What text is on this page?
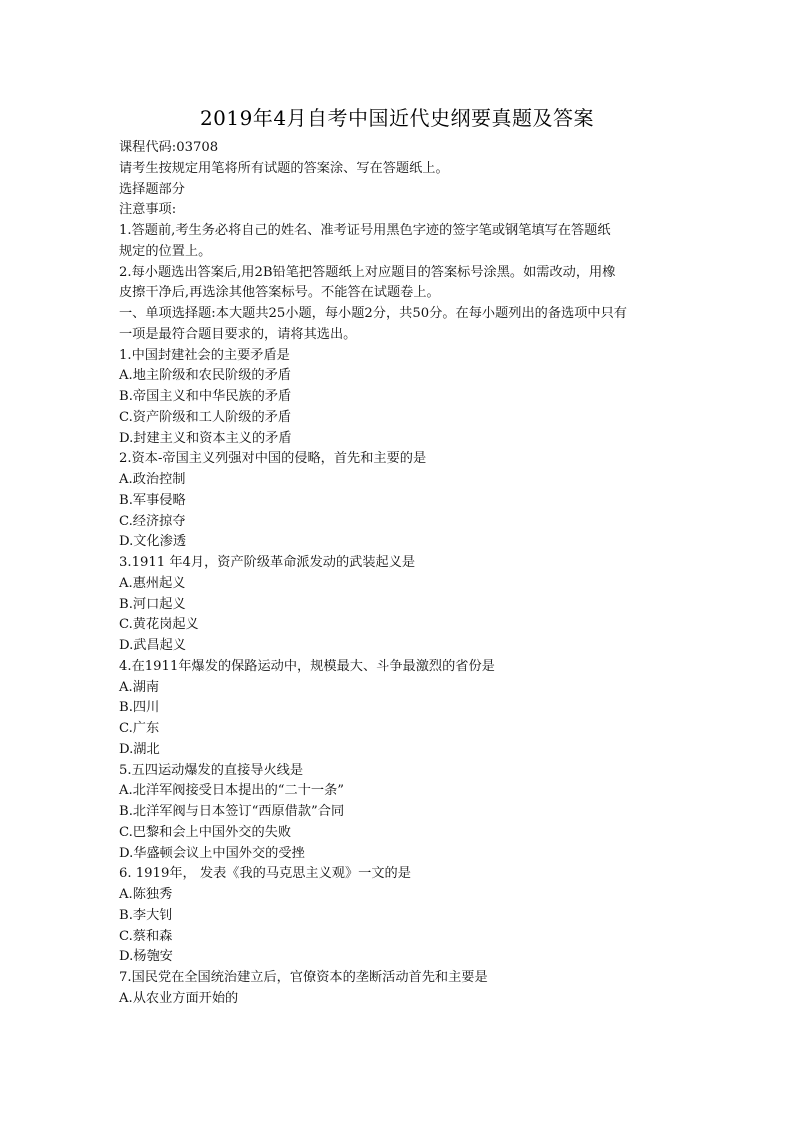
2019年4月自考中国近代史纲要真题及答案
课程代码:03708
请考生按规定用笔将所有试题的答案涂、写在答题纸上。
选择题部分
注意事项:
1.答题前,考生务必将自己的姓名、准考证号用黑色字迹的签字笔或钢笔填写在答题纸
规定的位置上。
2.每小题选出答案后,用2B铅笔把答题纸上对应题目的答案标号涂黑。如需改动，用橡
皮擦干净后,再选涂其他答案标号。不能答在试题卷上。
一、单项选择题:本大题共25小题，每小题2分，共50分。在每小题列出的备选项中只有
一项是最符合题目要求的，请将其选出。
1.中国封建社会的主要矛盾是
A.地主阶级和农民阶级的矛盾
B.帝国主义和中华民族的矛盾
C.资产阶级和工人阶级的矛盾
D.封建主义和资本主义的矛盾
2.资本-帝国主义列强对中国的侵略，首先和主要的是
A.政治控制
B.军事侵略
C.经济掠夺
D.文化渗透
3.1911 年4月，资产阶级革命派发动的武装起义是
A.惠州起义
B.河口起义
C.黄花岗起义
D.武昌起义
4.在1911年爆发的保路运动中，规模最大、斗争最激烈的省份是
A.湖南
B.四川
C.广东
D.湖北
5.五四运动爆发的直接导火线是
A.北洋军阀接受日本提出的“二十一条”
B.北洋军阀与日本签订“西原借款”合同
C.巴黎和会上中国外交的失败
D.华盛顿会议上中国外交的受挫
6. 1919年， 发表《我的马克思主义观》一文的是
A.陈独秀
B.李大钊
C.蔡和森
D.杨匏安
7.国民党在全国统治建立后，官僚资本的垄断活动首先和主要是
A.从农业方面开始的
